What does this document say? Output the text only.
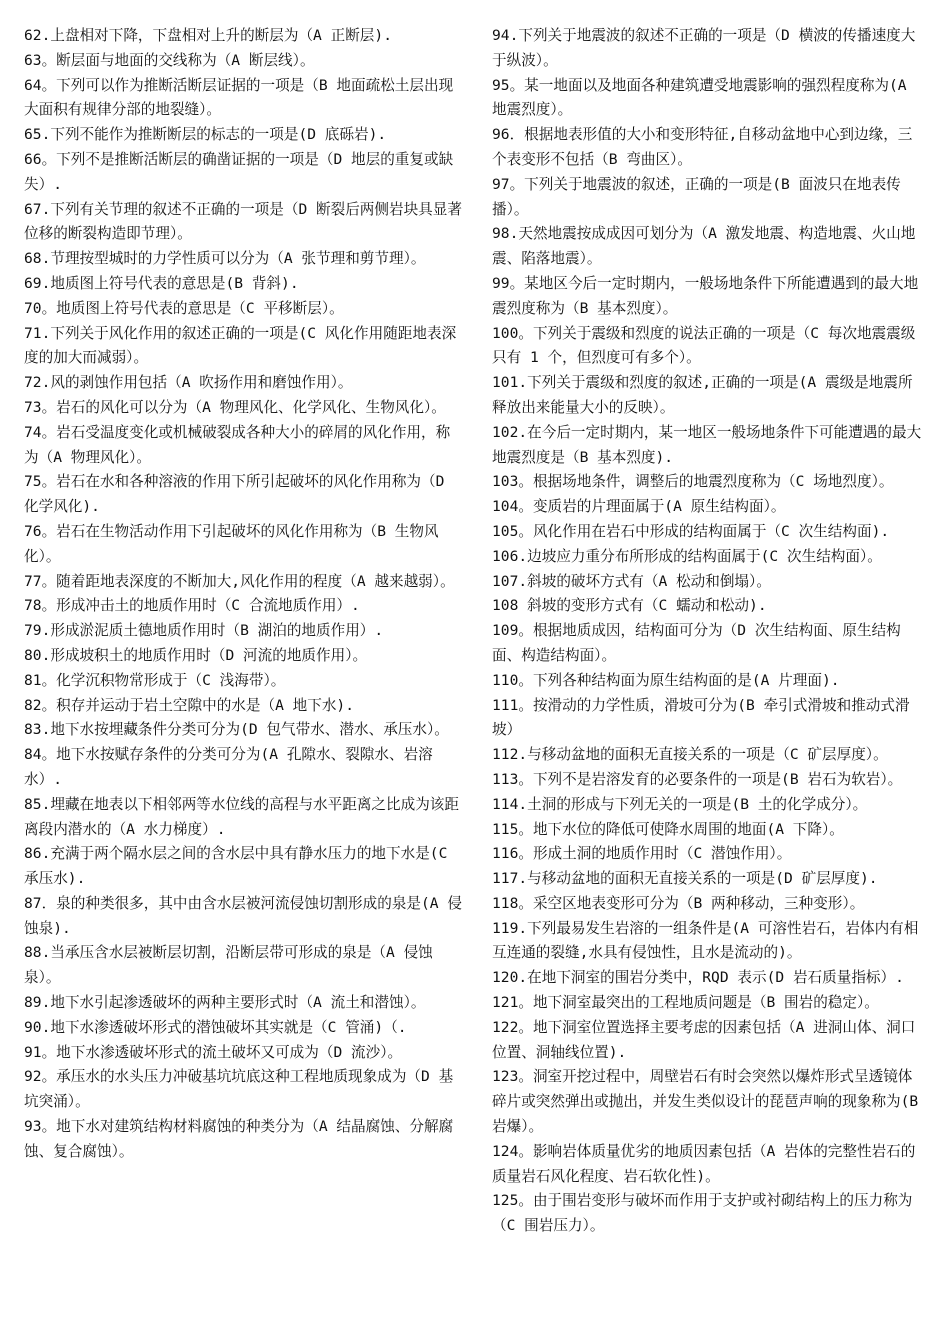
62.上盘相对下降，下盘相对上升的断层为（A 正断层).

63。断层面与地面的交线称为（A 断层线）。

64。下列可以作为推断活断层证据的一项是（B 地面疏松土层出现大面积有规律分部的地裂缝）。

65.下列不能作为推断断层的标志的一项是(D 底砾岩).

66。下列不是推断活断层的确凿证据的一项是（D 地层的重复或缺失）.

67.下列有关节理的叙述不正确的一项是（D 断裂后两侧岩块具显著位移的断裂构造即节理）。

68.节理按型城时的力学性质可以分为（A 张节理和剪节理）。

69.地质图上符号代表的意思是(B 背斜).

70。地质图上符号代表的意思是（C 平移断层）。

71.下列关于风化作用的叙述正确的一项是(C 风化作用随距地表深度的加大而减弱）。

72.风的剥蚀作用包括（A 吹扬作用和磨蚀作用）。

73。岩石的风化可以分为（A 物理风化、化学风化、生物风化）。

74。岩石受温度变化或机械破裂成各种大小的碎屑的风化作用，称为（A 物理风化）。

75。岩石在水和各种溶液的作用下所引起破坏的风化作用称为（D 化学风化).

76。岩石在生物活动作用下引起破坏的风化作用称为（B 生物风化）。

77。随着距地表深度的不断加大,风化作用的程度（A 越来越弱）。

78。形成冲击土的地质作用时（C 合流地质作用）.

79.形成淤泥质土德地质作用时（B 湖泊的地质作用）.

80.形成坡积土的地质作用时（D 河流的地质作用）。

81。化学沉积物常形成于（C 浅海带）。

82。积存并运动于岩土空隙中的水是（A 地下水).

83.地下水按埋藏条件分类可分为(D 包气带水、潜水、承压水）。

84。地下水按赋存条件的分类可分为(A 孔隙水、裂隙水、岩溶水）.

85.埋藏在地表以下相邻两等水位线的高程与水平距离之比成为该距离段内潜水的（A 水力梯度）.

86.充满于两个隔水层之间的含水层中具有静水压力的地下水是(C 承压水).

87．泉的种类很多，其中由含水层被河流侵蚀切割形成的泉是(A 侵蚀泉).

88.当承压含水层被断层切割，沿断层带可形成的泉是（A 侵蚀泉）。

89.地下水引起渗透破坏的两种主要形式时（A 流土和潜蚀）。

90.地下水渗透破坏形式的潜蚀破坏其实就是（C 管涌)（.

91。地下水渗透破坏形式的流土破坏又可成为（D 流沙）。

92。承压水的水头压力冲破基坑坑底这种工程地质现象成为（D 基坑突涌）。

93。地下水对建筑结构材料腐蚀的种类分为（A 结晶腐蚀、分解腐蚀、复合腐蚀）。

94.下列关于地震波的叙述不正确的一项是（D 横波的传播速度大于纵波）。

95。某一地面以及地面各种建筑遭受地震影响的强烈程度称为(A 地震烈度）。

96．根据地表形值的大小和变形特征,自移动盆地中心到边缘，三个表变形不包括（B 弯曲区）。

97。下列关于地震波的叙述，正确的一项是(B 面波只在地表传播）。

98.天然地震按成成因可划分为（A 激发地震、构造地震、火山地震、陷落地震）。

99。某地区今后一定时期内，一般场地条件下所能遭遇到的最大地震烈度称为（B 基本烈度）。

100。下列关于震级和烈度的说法正确的一项是（C 每次地震震级只有 1 个，但烈度可有多个）。

101.下列关于震级和烈度的叙述,正确的一项是(A 震级是地震所释放出来能量大小的反映）。

102.在今后一定时期内，某一地区一般场地条件下可能遭遇的最大地震烈度是（B 基本烈度).

103。根据场地条件，调整后的地震烈度称为（C 场地烈度）。

104。变质岩的片理面属于(A 原生结构面）。

105。风化作用在岩石中形成的结构面属于（C 次生结构面).

106.边坡应力重分布所形成的结构面属于(C 次生结构面）。

107.斜坡的破坏方式有（A 松动和倒塌）。

108 斜坡的变形方式有（C 蠕动和松动).

109。根据地质成因，结构面可分为（D 次生结构面、原生结构面、构造结构面）。

110。下列各种结构面为原生结构面的是(A 片理面).

111。按滑动的力学性质，滑坡可分为(B 牵引式滑坡和推动式滑坡）

112.与移动盆地的面积无直接关系的一项是（C 矿层厚度）。

113。下列不是岩溶发育的必要条件的一项是(B 岩石为软岩）。

114.土洞的形成与下列无关的一项是(B 土的化学成分）。

115。地下水位的降低可使降水周围的地面(A 下降）。

116。形成土洞的地质作用时（C 潜蚀作用）。

117.与移动盆地的面积无直接关系的一项是(D 矿层厚度).

118。采空区地表变形可分为（B 两种移动，三种变形）。

119.下列最易发生岩溶的一组条件是(A 可溶性岩石，岩体内有相互连通的裂缝,水具有侵蚀性，且水是流动的)。

120.在地下洞室的围岩分类中，RQD 表示(D 岩石质量指标）.

121。地下洞室最突出的工程地质问题是（B 围岩的稳定）。

122。地下洞室位置选择主要考虑的因素包括（A 进洞山体、洞口位置、洞轴线位置).

123。洞室开挖过程中，周壁岩石有时会突然以爆炸形式呈透镜体碎片或突然弹出或抛出，并发生类似设计的琵琶声响的现象称为(B 岩爆）。

124。影响岩体质量优劣的地质因素包括（A 岩体的完整性岩石的质量岩石风化程度、岩石软化性)。

125。由于围岩变形与破坏而作用于支护或衬砌结构上的压力称为（C 围岩压力）。
